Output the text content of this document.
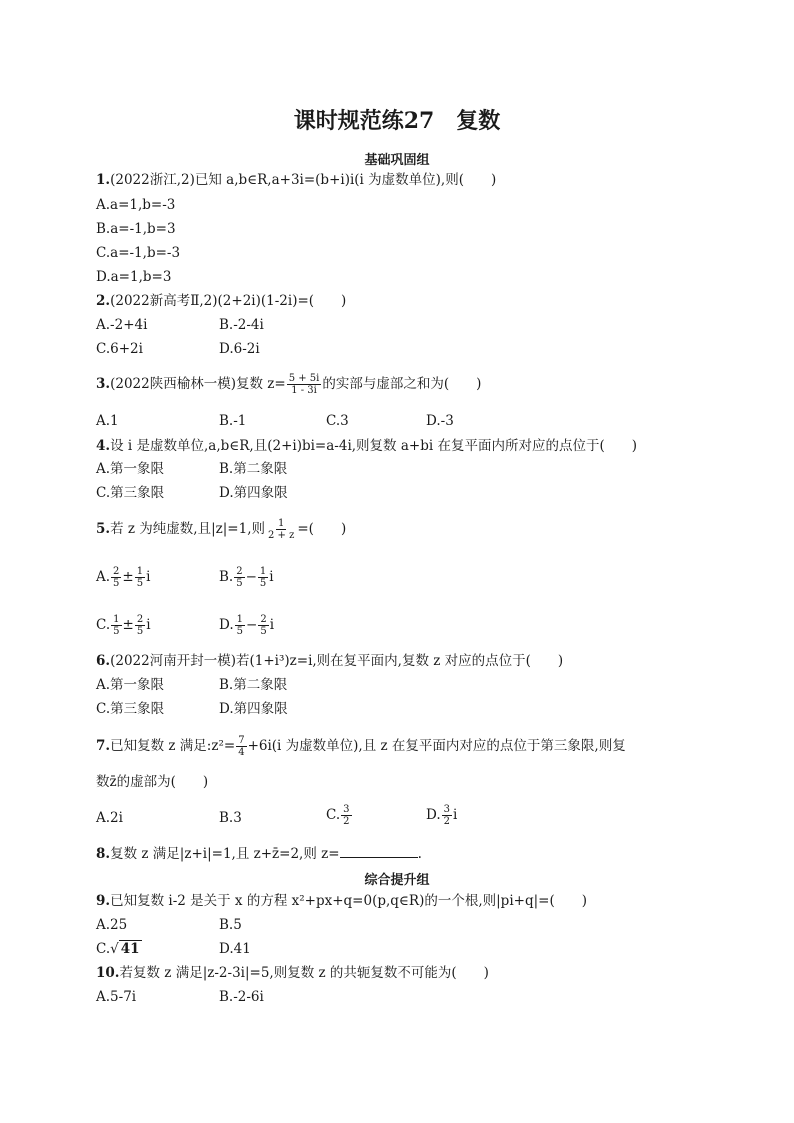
课时规范练27　复数
基础巩固组
1.(2022浙江,2)已知 a,b∈R,a+3i=(b+i)i(i 为虚数单位),则(　　)
A.a=1,b=-3
B.a=-1,b=3
C.a=-1,b=-3
D.a=1,b=3
2.(2022新高考Ⅱ,2)(2+2i)(1-2i)=(　　)
A.-2+4i	B.-2-4i
C.6+2i	D.6-2i
3.(2022陕西榆林一模)复数 $z= \frac{5 + 5i}{1 - 3i}$ 的实部与虚部之和为(　　)
A.1	B.-1	C.3	D.-3
4.设 i 是虚数单位,a,b∈R,且(2+i)bi=a-4i,则复数 a+bi 在复平面内所对应的点位于(　　)
A.第一象限	B.第二象限
C.第三象限	D.第四象限
5.若 z 为纯虚数,且|z|=1,则 $\frac{1}{2 + z}$ =(　　)
A. $\frac{2}{5} \pm \frac{1}{5}$ i	B. $\frac{2}{5} - \frac{1}{5}$ i
C. $\frac{1}{5} \pm \frac{2}{5}$ i	D. $\frac{1}{5} - \frac{2}{5}$ i
6.(2022河南开封一模)若(1+i³)z=i,则在复平面内,复数 z 对应的点位于(　　)
A.第一象限	B.第二象限
C.第三象限	D.第四象限
7.已知复数 z 满足:z²= $\frac{7}{4} +6i(i$ 为虚数单位),且 z 在复平面内对应的点位于第三象限,则复
数z̄的虚部为(　　)
A.2i	B.3	C. $\frac{3}{2}$	D. $\frac{3}{2}$ i
8.复数 z 满足|z+i|=1,且 z+z̄=2,则 z=	.
综合提升组
9.已知复数 i-2 是关于 x 的方程 x²+px+q=0(p,q∈R)的一个根,则|pi+q|=(　　)
A.25	B.5
C.√ 41	D.41
10.若复数 z 满足|z-2-3i|=5,则复数 z 的共轭复数不可能为(　　)
A.5-7i	B.-2-6i
